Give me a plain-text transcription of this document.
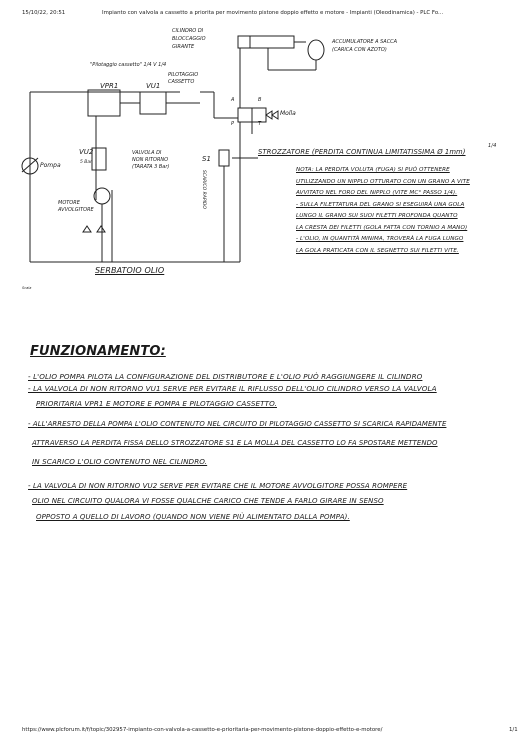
15/10/22, 20:51	Impianto con valvola a cassetto a priorita per movimento pistone doppio effetto e motore - Impianti (Oleodinamica) - PLC Fo...
https://www.plcforum.it/f/topic/302957-impianto-con-valvola-a-cassetto-e-prioritaria-per-movimento-pistone-doppio-effetto-e-motore/	1/1
CILINDRO DI
BLOCCAGGIO
GIRANTE
ACCUMULATORE A SACCA
(CARICA CON AZOTO)
"Pilotaggio cassetto" 1/4 V 1/4
PILOTAGGIO
CASSETTO
VPR1	VU1
VU2
5 Bar
VALVOLA DI
NON RITORNO
(TARATA 3 Bar)
Pompa
MOTORE
AVVOLGITORE
S1
SCARICO RAPIDO
Molla
A	B
P	T
SERBATOIO OLIO
Scala
STROZZATORE (PERDITA CONTINUA LIMITATISSIMA Ø 1mm)
1/4
NOTA: LA PERDITA VOLUTA (FUGA) SI PUÒ OTTENERE
UTILIZZANDO UN NIPPLO OTTURATO CON UN GRANO A VITE
AVVITATO NEL FORO DEL NIPPLO (VITE MC° PASSO 1/4).
- SULLA FILETTATURA DEL GRANO SI ESEGUIRÀ UNA GOLA
LUNGO IL GRANO SUI SUOI FILETTI PROFONDA QUANTO
LA CRESTA DEI FILETTI (GOLA FATTA CON TORNIO A MANO)
- L'OLIO, IN QUANTITÀ MINIMA, TROVERÀ LA FUGA LUNGO
LA GOLA PRATICATA CON IL SEGNETTO SUI FILETTI VITE.
FUNZIONAMENTO:
- L'OLIO POMPA PILOTA LA CONFIGURAZIONE DEL DISTRIBUTORE E L'OLIO PUÒ RAGGIUNGERE IL CILINDRO
- LA VALVOLA DI NON RITORNO VU1 SERVE PER EVITARE IL RIFLUSSO DELL'OLIO CILINDRO VERSO LA VALVOLA
PRIORITARIA VPR1 E MOTORE E POMPA E PILOTAGGIO CASSETTO.
- ALL'ARRESTO DELLA POMPA L'OLIO CONTENUTO NEL CIRCUITO DI PILOTAGGIO CASSETTO SI SCARICA RAPIDAMENTE
ATTRAVERSO LA PERDITA FISSA DELLO STROZZATORE S1 E LA MOLLA DEL CASSETTO LO FA SPOSTARE METTENDO
IN SCARICO L'OLIO CONTENUTO NEL CILINDRO.
- LA VALVOLA DI NON RITORNO VU2 SERVE PER EVITARE CHE IL MOTORE AVVOLGITORE POSSA ROMPERE
OLIO NEL CIRCUITO QUALORA VI FOSSE QUALCHE CARICO CHE TENDE A FARLO GIRARE IN SENSO
OPPOSTO A QUELLO DI LAVORO (QUANDO NON VIENE PIÙ ALIMENTATO DALLA POMPA).
